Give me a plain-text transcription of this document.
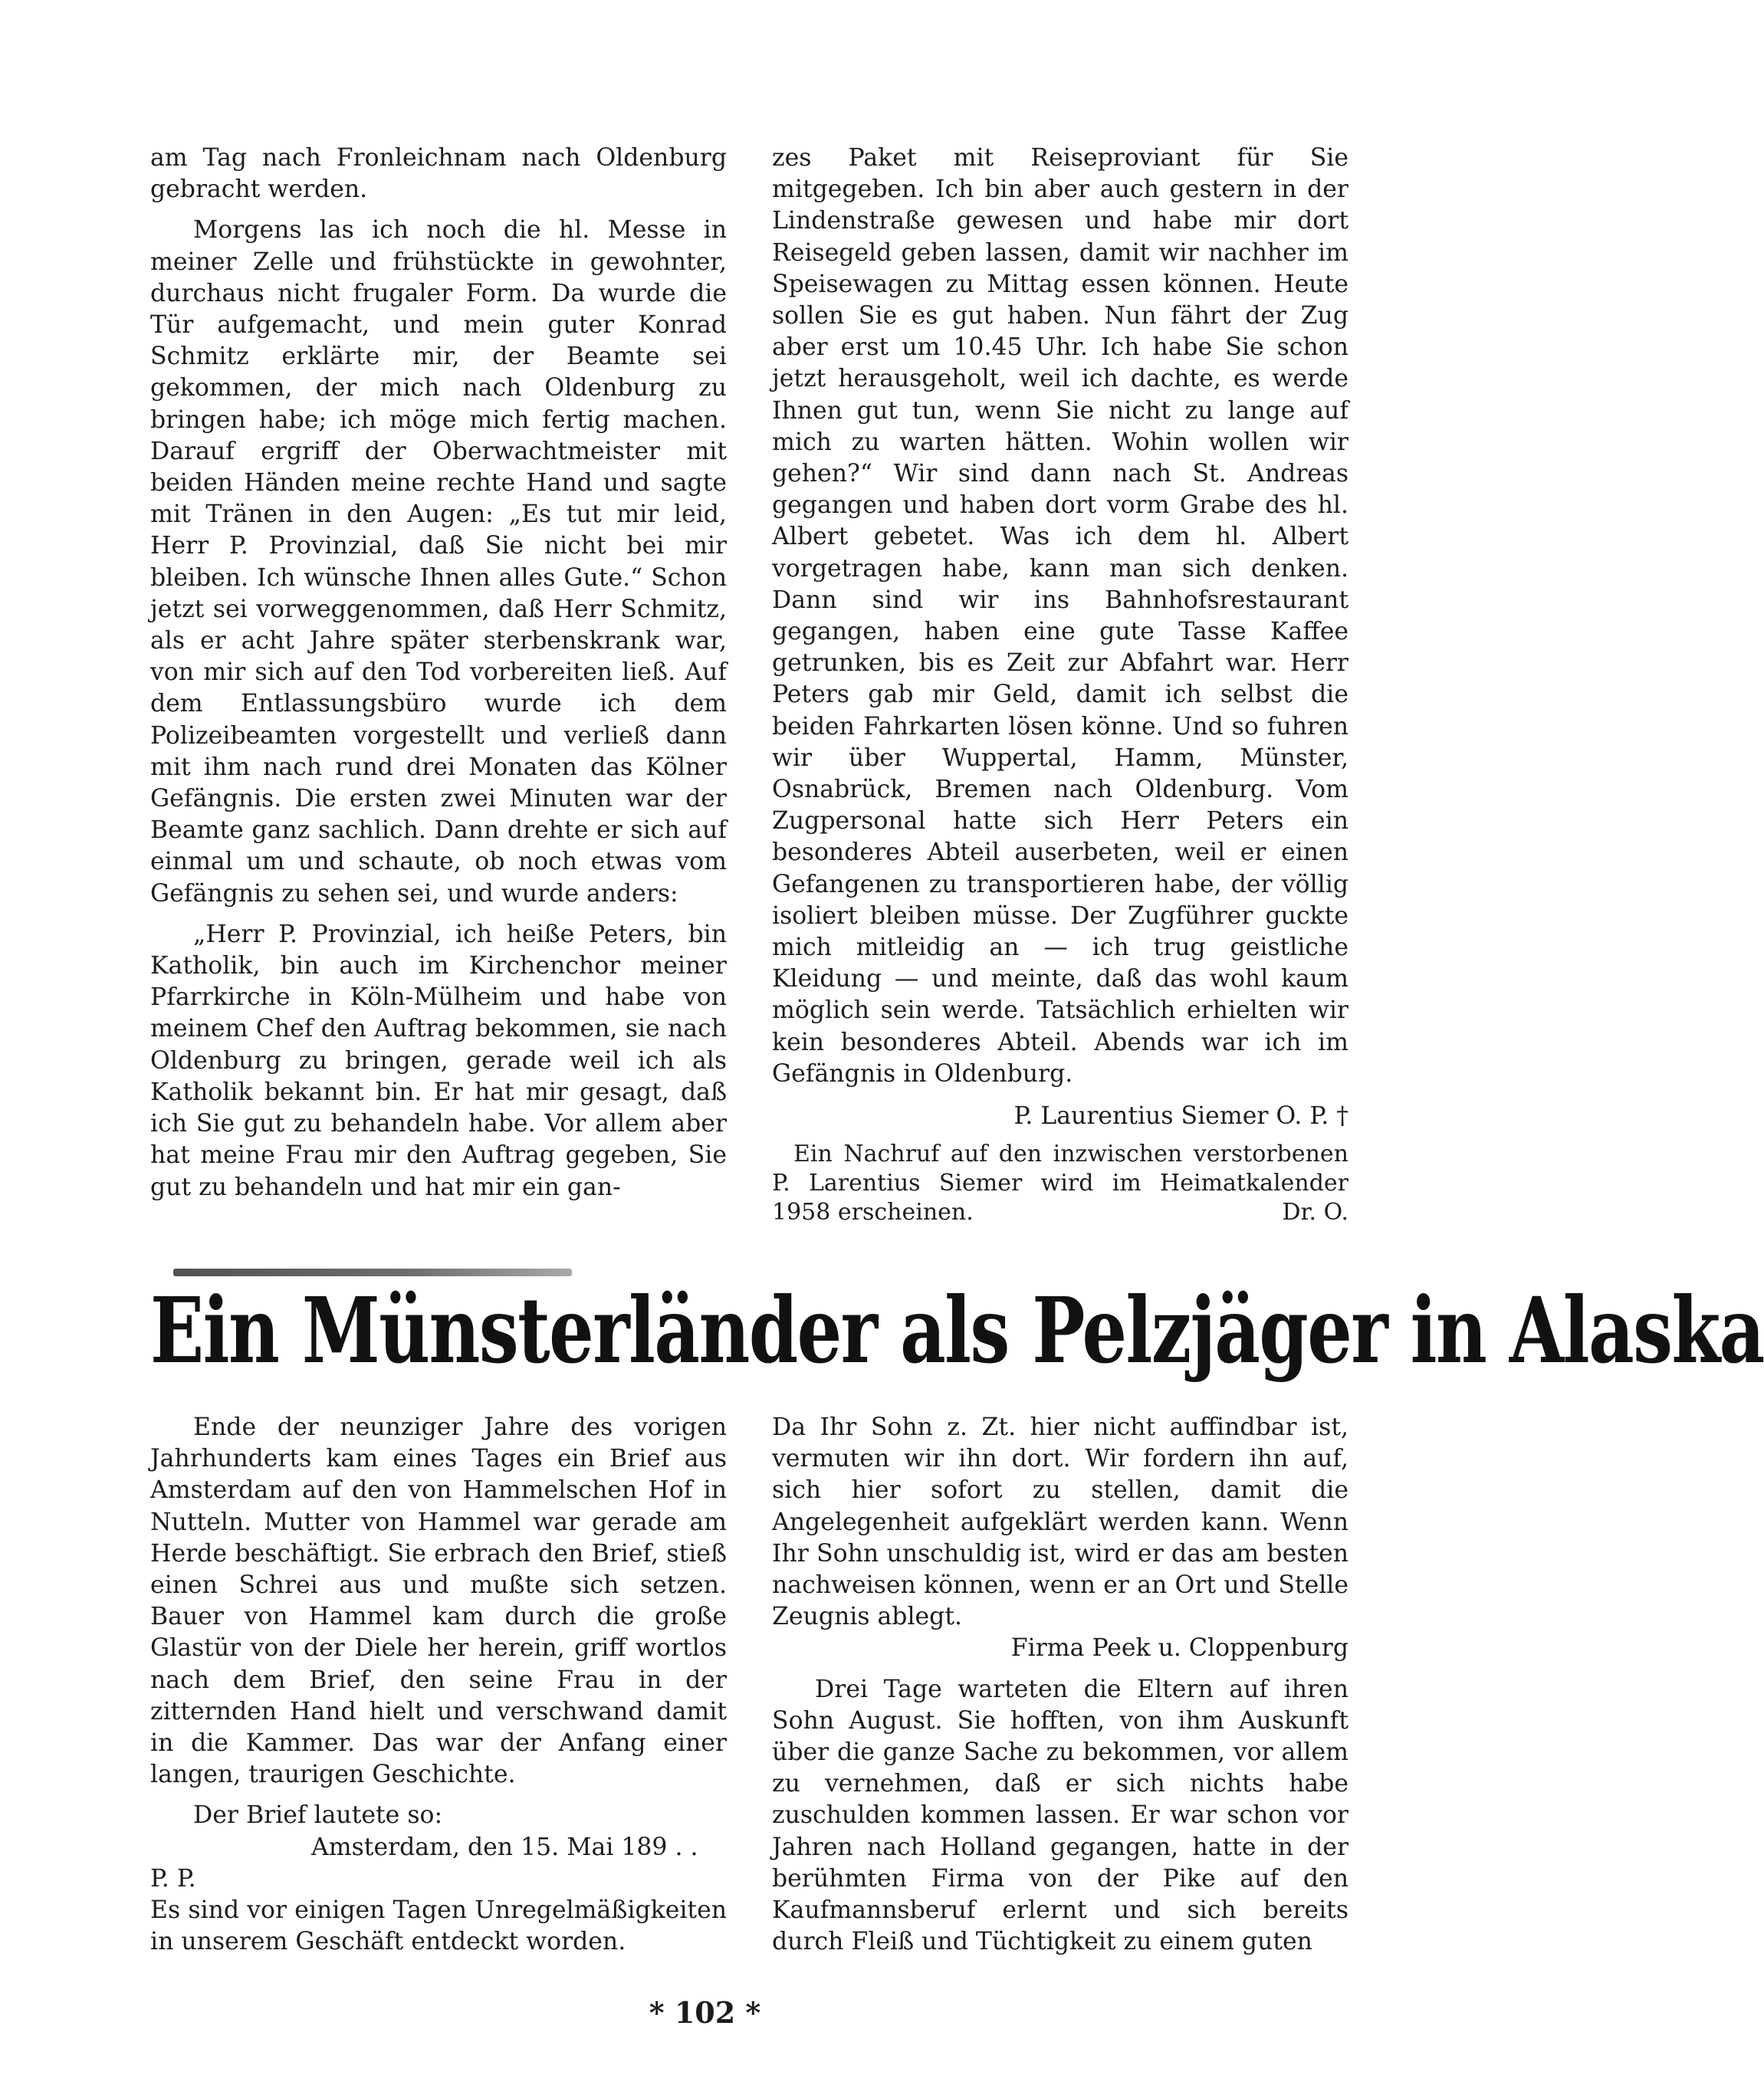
am Tag nach Fronleichnam nach Oldenburg gebracht werden.

Morgens las ich noch die hl. Messe in meiner Zelle und frühstückte in gewohnter, durchaus nicht frugaler Form. Da wurde die Tür aufgemacht, und mein guter Konrad Schmitz erklärte mir, der Beamte sei gekommen, der mich nach Oldenburg zu bringen habe; ich möge mich fertig machen. Darauf ergriff der Oberwachtmeister mit beiden Händen meine rechte Hand und sagte mit Tränen in den Augen: „Es tut mir leid, Herr P. Provinzial, daß Sie nicht bei mir bleiben. Ich wünsche Ihnen alles Gute.“ Schon jetzt sei vorweggenommen, daß Herr Schmitz, als er acht Jahre später sterbenskrank war, von mir sich auf den Tod vorbereiten ließ. Auf dem Entlassungsbüro wurde ich dem Polizeibeamten vorgestellt und verließ dann mit ihm nach rund drei Monaten das Kölner Gefängnis. Die ersten zwei Minuten war der Beamte ganz sachlich. Dann drehte er sich auf einmal um und schaute, ob noch etwas vom Gefängnis zu sehen sei, und wurde anders:

„Herr P. Provinzial, ich heiße Peters, bin Katholik, bin auch im Kirchenchor meiner Pfarrkirche in Köln-Mülheim und habe von meinem Chef den Auftrag bekommen, sie nach Oldenburg zu bringen, gerade weil ich als Katholik bekannt bin. Er hat mir gesagt, daß ich Sie gut zu behandeln habe. Vor allem aber hat meine Frau mir den Auftrag gegeben, Sie gut zu behandeln und hat mir ein gan-

zes Paket mit Reiseproviant für Sie mitgegeben. Ich bin aber auch gestern in der Lindenstraße gewesen und habe mir dort Reisegeld geben lassen, damit wir nachher im Speisewagen zu Mittag essen können. Heute sollen Sie es gut haben. Nun fährt der Zug aber erst um 10.45 Uhr. Ich habe Sie schon jetzt herausgeholt, weil ich dachte, es werde Ihnen gut tun, wenn Sie nicht zu lange auf mich zu warten hätten. Wohin wollen wir gehen?“ Wir sind dann nach St. Andreas gegangen und haben dort vorm Grabe des hl. Albert gebetet. Was ich dem hl. Albert vorgetragen habe, kann man sich denken. Dann sind wir ins Bahnhofsrestaurant gegangen, haben eine gute Tasse Kaffee getrunken, bis es Zeit zur Abfahrt war. Herr Peters gab mir Geld, damit ich selbst die beiden Fahrkarten lösen könne. Und so fuhren wir über Wuppertal, Hamm, Münster, Osnabrück, Bremen nach Oldenburg. Vom Zugpersonal hatte sich Herr Peters ein besonderes Abteil auserbeten, weil er einen Gefangenen zu transportieren habe, der völlig isoliert bleiben müsse. Der Zugführer guckte mich mitleidig an — ich trug geistliche Kleidung — und meinte, daß das wohl kaum möglich sein werde. Tatsächlich erhielten wir kein besonderes Abteil. Abends war ich im Gefängnis in Oldenburg.

P. Laurentius Siemer O. P. †

Ein Nachruf auf den inzwischen verstorbenen P. Larentius Siemer wird im Heimatkalender 1958 erscheinen.	Dr. O.

Ein Münsterländer als Pelzjäger in Alaska

Ende der neunziger Jahre des vorigen Jahrhunderts kam eines Tages ein Brief aus Amsterdam auf den von Hammelschen Hof in Nutteln. Mutter von Hammel war gerade am Herde beschäftigt. Sie erbrach den Brief, stieß einen Schrei aus und mußte sich setzen. Bauer von Hammel kam durch die große Glastür von der Diele her herein, griff wortlos nach dem Brief, den seine Frau in der zitternden Hand hielt und verschwand damit in die Kammer. Das war der Anfang einer langen, traurigen Geschichte.

Der Brief lautete so:

Amsterdam, den 15. Mai 189 . .

P. P.

Es sind vor einigen Tagen Unregelmäßigkeiten in unserem Geschäft entdeckt worden.

Da Ihr Sohn z. Zt. hier nicht auffindbar ist, vermuten wir ihn dort. Wir fordern ihn auf, sich hier sofort zu stellen, damit die Angelegenheit aufgeklärt werden kann. Wenn Ihr Sohn unschuldig ist, wird er das am besten nachweisen können, wenn er an Ort und Stelle Zeugnis ablegt.

Firma Peek u. Cloppenburg

Drei Tage warteten die Eltern auf ihren Sohn August. Sie hofften, von ihm Auskunft über die ganze Sache zu bekommen, vor allem zu vernehmen, daß er sich nichts habe zuschulden kommen lassen. Er war schon vor Jahren nach Holland gegangen, hatte in der berühmten Firma von der Pike auf den Kaufmannsberuf erlernt und sich bereits durch Fleiß und Tüchtigkeit zu einem guten

* 102 *
